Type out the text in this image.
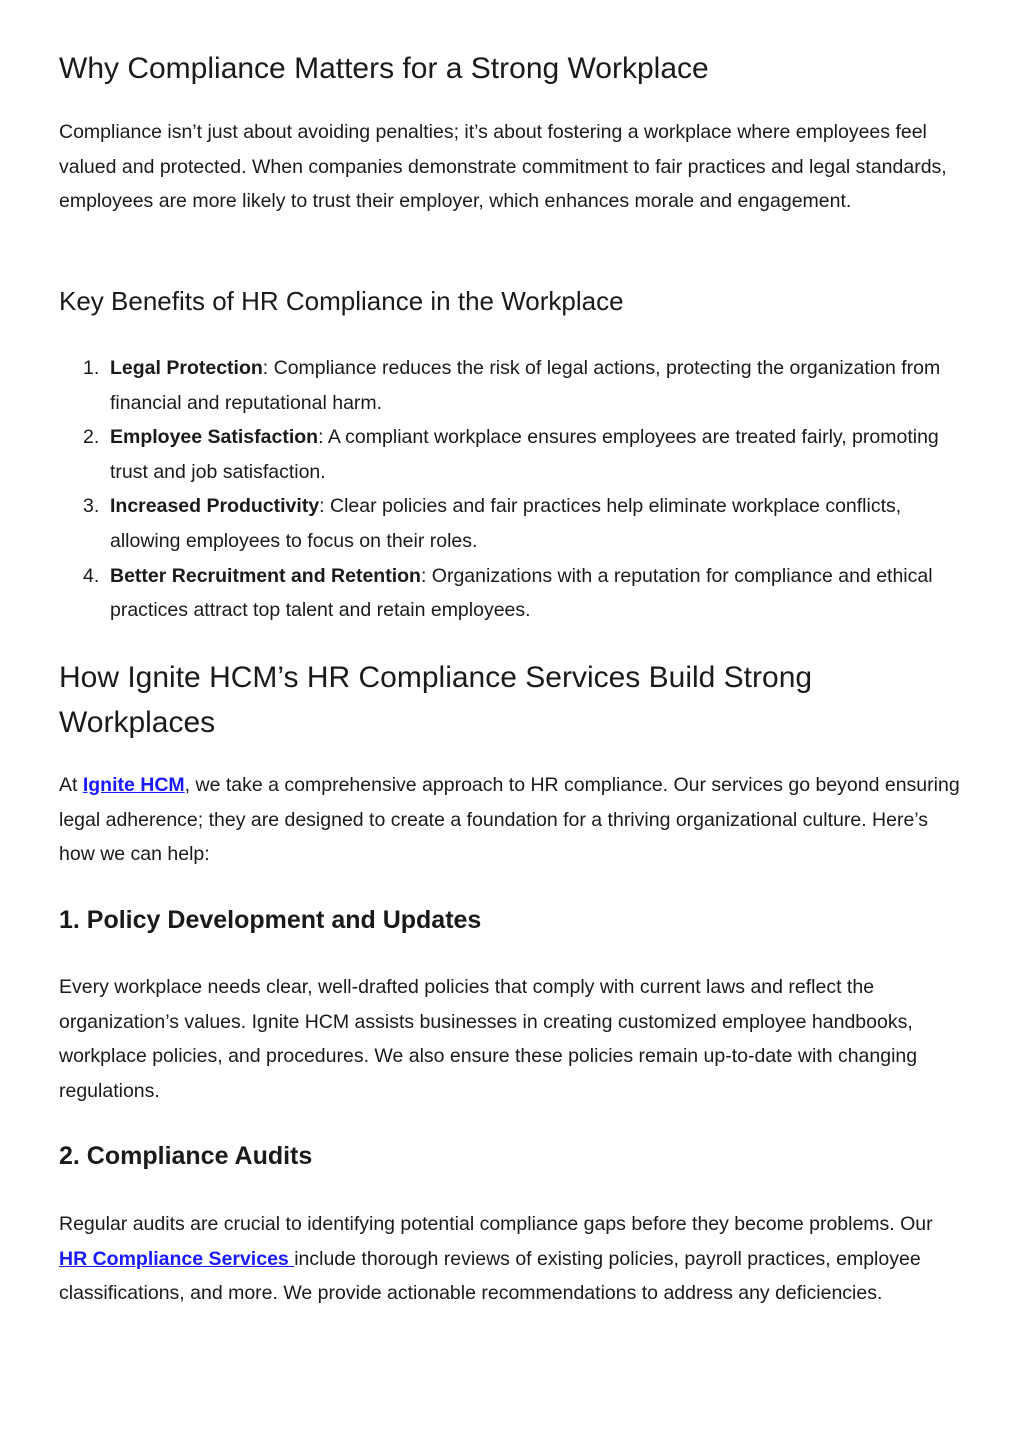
Why Compliance Matters for a Strong Workplace

Compliance isn’t just about avoiding penalties; it’s about fostering a workplace where employees feel valued and protected. When companies demonstrate commitment to fair practices and legal standards, employees are more likely to trust their employer, which enhances morale and engagement.

Key Benefits of HR Compliance in the Workplace
1. Legal Protection: Compliance reduces the risk of legal actions, protecting the organization from financial and reputational harm.
2. Employee Satisfaction: A compliant workplace ensures employees are treated fairly, promoting trust and job satisfaction.
3. Increased Productivity: Clear policies and fair practices help eliminate workplace conflicts, allowing employees to focus on their roles.
4. Better Recruitment and Retention: Organizations with a reputation for compliance and ethical practices attract top talent and retain employees.
How Ignite HCM’s HR Compliance Services Build Strong Workplaces

At Ignite HCM, we take a comprehensive approach to HR compliance. Our services go beyond ensuring legal adherence; they are designed to create a foundation for a thriving organizational culture. Here’s how we can help:

1. Policy Development and Updates

Every workplace needs clear, well-drafted policies that comply with current laws and reflect the organization’s values. Ignite HCM assists businesses in creating customized employee handbooks, workplace policies, and procedures. We also ensure these policies remain up-to-date with changing regulations.

2. Compliance Audits

Regular audits are crucial to identifying potential compliance gaps before they become problems. Our HR Compliance Services include thorough reviews of existing policies, payroll practices, employee classifications, and more. We provide actionable recommendations to address any deficiencies.
